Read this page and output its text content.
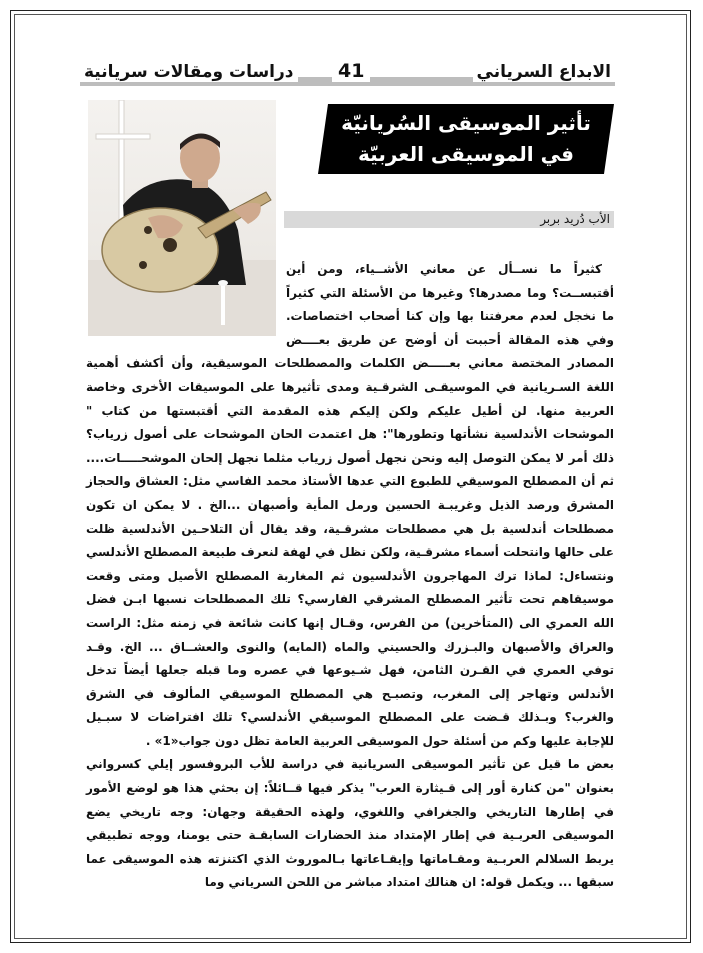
الابداع السرياني
41
دراسات ومقالات سريانية
تأثير الموسيقى السُريانيّة
في الموسيقى العربيّة
الأب دُريد بربر

كثيراً ما نســأل عن معاني الأشــياء، ومن أين أقتبســت؟ وما مصدرها؟ وغيرها من الأسئلة التي كثيراً ما نخجل لعدم معرفتنا بها وإن كنا أصحاب اختصاصات. وفي هذه المقالة أحببت أن أوضح عن طريق بعــــض المصادر المختصة معاني بعـــــض الكلمات والمصطلحات الموسيقية، وأن أكشف أهمية اللغة السـريانية في الموسيقـى الشرقـية ومدى تأثيرها على الموسيقات الأخرى وخاصة العربية منها. لن أطيل عليكم ولكن إليكم هذه المقدمة التي أقتبستها من كتاب " الموشحات الأندلسية نشأتها وتطورها": هل اعتمدت الحان الموشحات على أصول زرياب؟ ذلك أمر لا يمكن التوصل إليه ونحن نجهل أصول زرياب مثلما نجهل إلحان الموشحـــــات.... ثم أن المصطلح الموسيقي للطبوع التي عدها الأستاذ محمد الفاسي مثل: العشاق والحجاز المشرق ورصد الذيل وغريبـة الحسين ورمل المأية وأصبهان ...الخ . لا يمكن ان تكون مصطلحات أندلسية بل هي مصطلحات مشرقـية، وقد يقال أن التلاحـين الأندلسية ظلت على حالها وانتحلت أسماء مشرقـية، ولكن نظل في لهفة لنعرف طبيعة المصطلح الأندلسي ونتساءل: لماذا ترك المهاجرون الأندلسيون ثم المغاربة المصطلح الأصيل ومتى وقعت موسيقاهم تحت تأثير المصطلح المشرقي الفارسي؟ تلك المصطلحات نسبها ابـن فضل الله العمري الى (المتأخرين) من الفرس، وقـال إنها كانت شائعة في زمنه مثل: الراست والعراق والأصبهان والبـزرك والحسيني والماه (المايه) والنوى والعشــاق ... الخ. وقـد توفي العمري في القـرن الثامن، فهل شـيوعها في عصره وما قبله جعلها أيضاً تدخل الأندلس وتهاجر إلى المغرب، وتصبـح هي المصطلح الموسيقي المألوف في الشرق والغرب؟ وبـذلك قـضت على المصطلح الموسيقي الأندلسي؟ تلك افتراضات لا سبـيل للإجابة عليها وكم من أسئلة حول الموسيقى العربية العامة تظل دون جواب«1» .

بعض ما قيل عن تأثير الموسيقى السريانية في دراسة للأب البروفسور إيلي كسرواني بعنوان "من كنارة أور إلى قـيثارة العرب" يذكر فيها قــائلاً: إن بحثي هذا هو لوضع الأمور في إطارها التاريخي والجغرافي واللغوي، ولهذه الحقيقة وجهان: وجه تاريخي يضع الموسيقى العربـية في إطار الإمتداد منذ الحضارات السابقـة حتى يومنا، ووجه تطبيقي يربط السلالم العربـية ومقـاماتها وإيقـاعاتها بـالموروث الذي اكتنزته هذه الموسيقى عما سبقها ... ويكمل قوله: ان هنالك امتداد مباشر من اللحن السرياني وما
